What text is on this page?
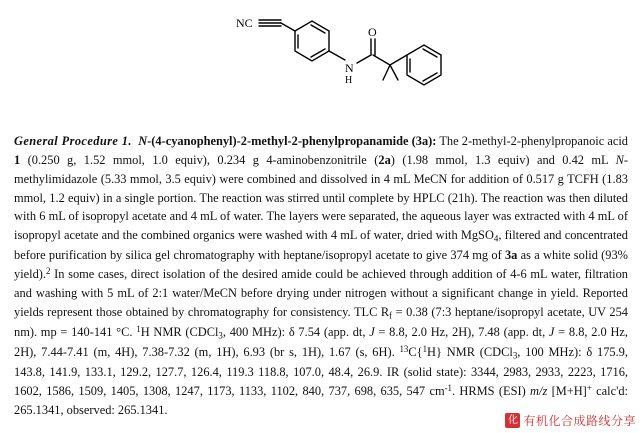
NC
N
H
O

General Procedure 1. N-(4-cyanophenyl)-2-methyl-2-phenylpropanamide (3a): The 2-methyl-2-phenylpropanoic acid 1 (0.250 g, 1.52 mmol, 1.0 equiv), 0.234 g 4-aminobenzonitrile (2a) (1.98 mmol, 1.3 equiv) and 0.42 mL N-methylimidazole (5.33 mmol, 3.5 equiv) were combined and dissolved in 4 mL MeCN for addition of 0.517 g TCFH (1.83 mmol, 1.2 equiv) in a single portion. The reaction was stirred until complete by HPLC (21h). The reaction was then diluted with 6 mL of isopropyl acetate and 4 mL of water. The layers were separated, the aqueous layer was extracted with 4 mL of isopropyl acetate and the combined organics were washed with 4 mL of water, dried with MgSO$_4$, filtered and concentrated before purification by silica gel chromatography with heptane/isopropyl acetate to give 374 mg of 3a as a white solid (93% yield).$^2$ In some cases, direct isolation of the desired amide could be achieved through addition of 4-6 mL water, filtration and washing with 5 mL of 2:1 water/MeCN before drying under nitrogen without a significant change in yield. Reported yields represent those obtained by chromatography for consistency. TLC $R_f = 0.38$ (7:3 heptane/isopropyl acetate, UV 254 nm). mp = 140-141 °C. $^1$H NMR (CDCl$_3$, 400 MHz): δ 7.54 (app. dt, J = 8.8, 2.0 Hz, 2H), 7.48 (app. dt, J = 8.8, 2.0 Hz, 2H), 7.44-7.41 (m, 4H), 7.38-7.32 (m, 1H), 6.93 (br s, 1H), 1.67 (s, 6H). $^{13}$C{$^1$H} NMR (CDCl$_3$, 100 MHz): δ 175.9, 143.8, 141.9, 133.1, 129.2, 127.7, 126.4, 119.3 118.8, 107.0, 48.4, 26.9. IR (solid state): 3344, 2983, 2933, 2223, 1716, 1602, 1586, 1509, 1405, 1308, 1247, 1173, 1133, 1102, 840, 737, 698, 635, 547 $cm^{-1}$. HRMS (ESI) m/z [M+H]+ calc'd: 265.1341, observed: 265.1341.

化 有机化合成路线分享
